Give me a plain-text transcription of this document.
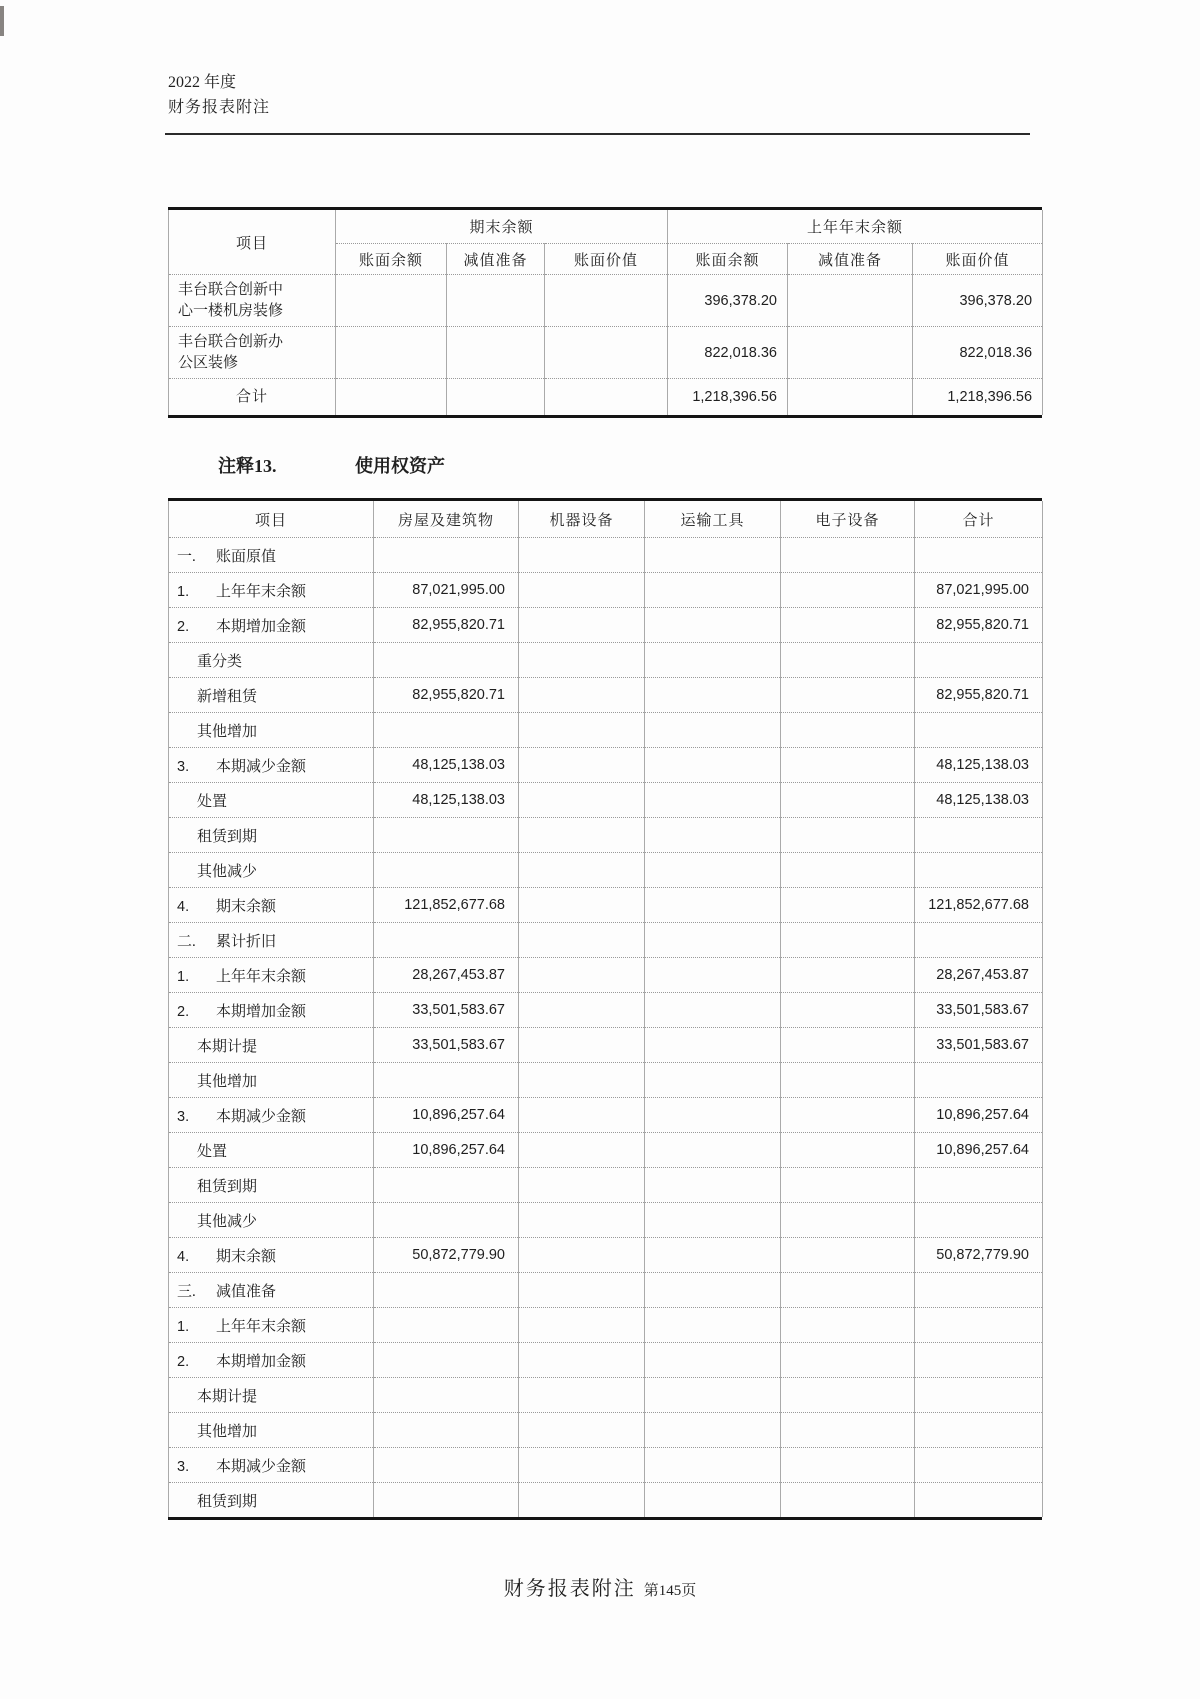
2022 年度
财务报表附注
项目	期末余额			上年年末余额		
	账面余额	减值准备	账面价值	账面余额	减值准备	账面价值
丰台联合创新中心一楼机房装修				396,378.20		396,378.20
丰台联合创新办公区装修				822,018.36		822,018.36
合计				1,218,396.56		1,218,396.56
注释13.	使用权资产
项目	房屋及建筑物	机器设备	运输工具	电子设备	合计
一. 账面原值					
1. 上年年末余额	87,021,995.00				87,021,995.00
2. 本期增加金额	82,955,820.71				82,955,820.71
重分类					
新增租赁	82,955,820.71				82,955,820.71
其他增加					
3. 本期减少金额	48,125,138.03				48,125,138.03
处置	48,125,138.03				48,125,138.03
租赁到期					
其他减少					
4. 期末余额	121,852,677.68				121,852,677.68
二. 累计折旧					
1. 上年年末余额	28,267,453.87				28,267,453.87
2. 本期增加金额	33,501,583.67				33,501,583.67
本期计提	33,501,583.67				33,501,583.67
其他增加					
3. 本期减少金额	10,896,257.64				10,896,257.64
处置	10,896,257.64				10,896,257.64
租赁到期					
其他减少					
4. 期末余额	50,872,779.90				50,872,779.90
三. 减值准备					
1. 上年年末余额					
2. 本期增加金额					
本期计提					
其他增加					
3. 本期减少金额					
租赁到期					
财务报表附注 第145页
